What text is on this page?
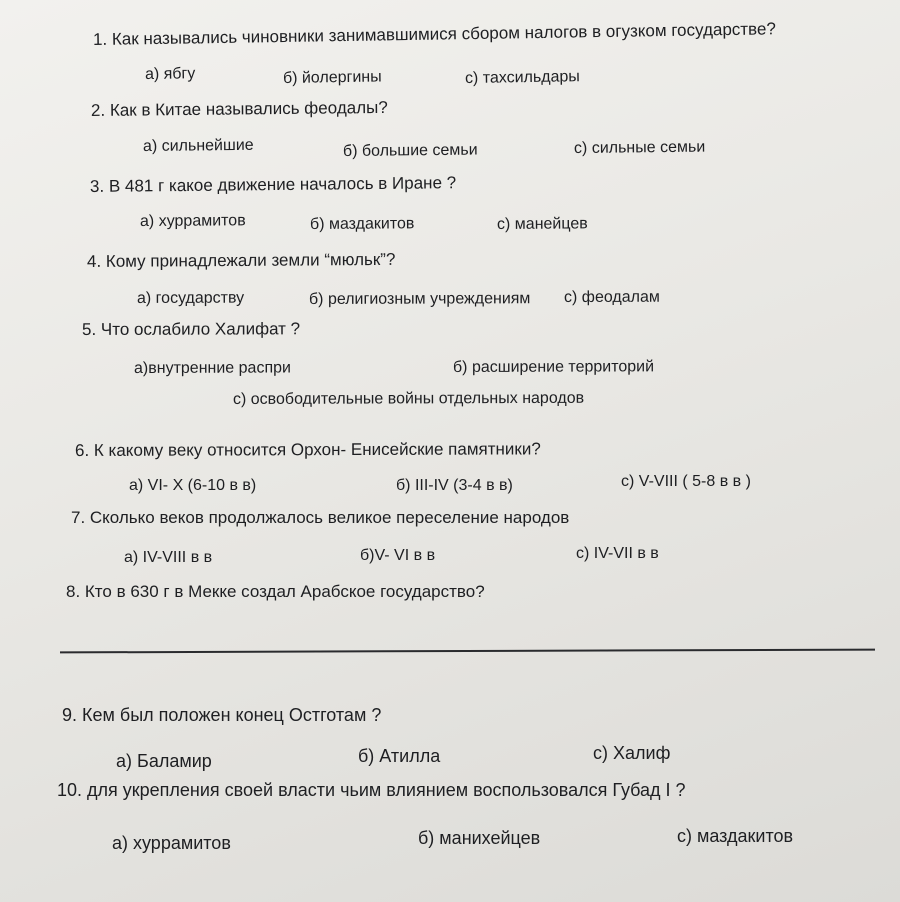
1. Как назывались чиновники занимавшимися сбором налогов в огузком государстве?
а) ябгу	б) йолергины	с) тахсильдары
2. Как в Китае назывались феодалы?
а) сильнейшие	б) большие семьи	с) сильные семьи
3. В 481 г какое движение началось в Иране ?
а) хуррамитов	б) маздакитов	с) манейцев
4. Кому принадлежали земли “мюльк”?
а) государству	б) религиозным учреждениям с) феодалам
5. Что ослабило Халифат ?
а)внутренние распри	б) расширение территорий
с) освободительные войны отдельных народов
6. К какому веку относится Орхон- Енисейские памятники?
а) VI- X (6-10 в в)	б) III-IV (3-4 в в)	с) V-VIII ( 5-8 в в )
7. Сколько веков продолжалось великое переселение народов
а) IV-VIII в в	б)V- VI в в	с) IV-VII в в
8. Кто в 630 г в Мекке создал Арабское государство?
9. Кем был положен конец Остготам ?
а) Баламир	б) Атилла	с) Халиф
10. для укрепления своей власти чьим влиянием воспользовался Губад I ?
а) хуррамитов	б) манихейцев	с) маздакитов
